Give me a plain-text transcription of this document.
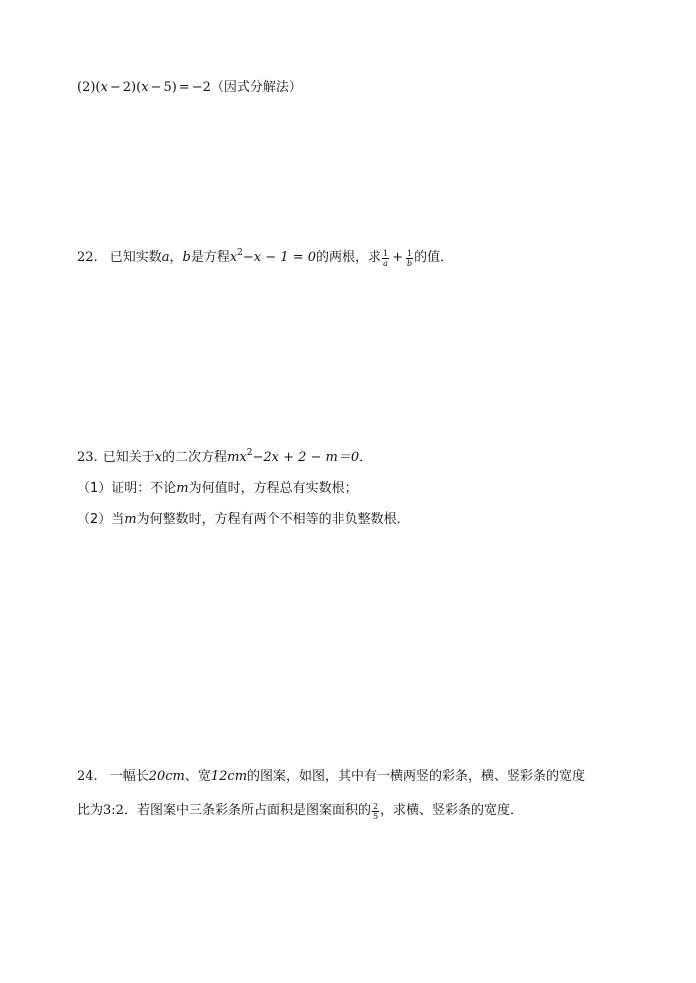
(2)(x − 2)(x − 5) = −2（因式分解法）
22. 已知实数a，b是方程$x^2-x - 1 = 0$的两根，求 $\frac{1}{a} + \frac{1}{b}$ 的值．
23. 已知关于x的二次方程$mx^2-2x + 2 - m=0$．
（1）证明：不论m为何值时，方程总有实数根；
（2）当m为何整数时，方程有两个不相等的非负整数根．
24. 一幅长20cm、宽12cm的图案，如图，其中有一横两竖的彩条，横、竖彩条的宽度
比为3:2．若图案中三条彩条所占面积是图案面积的 $\frac{2}{5}$ ，求横、竖彩条的宽度．
